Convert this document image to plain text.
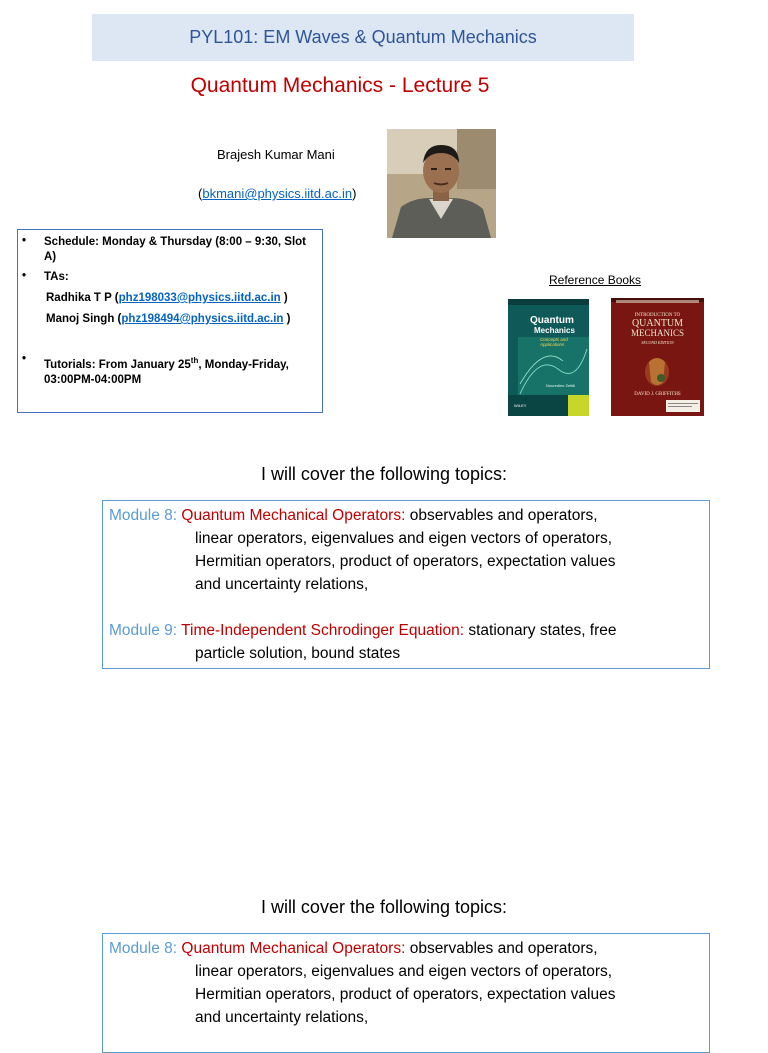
PYL101: EM Waves & Quantum Mechanics
Quantum Mechanics - Lecture 5
Brajesh Kumar Mani
(bkmani@physics.iitd.ac.in)
• Schedule: Monday & Thursday (8:00 – 9:30, Slot A)
• TAs:
Radhika T P (phz198033@physics.iitd.ac.in )
Manoj Singh (phz198494@physics.iitd.ac.in )
• Tutorials: From January 25th, Monday-Friday,
03:00PM-04:00PM
Reference Books
Quantum
Mechanics
Concepts and
Applications
Nouredine Zettili
WILEY
INTRODUCTION TO
QUANTUM
MECHANICS
SECOND EDITION
DAVID J. GRIFFITHS
I will cover the following topics:
Module 8: Quantum Mechanical Operators: observables and operators,
linear operators, eigenvalues and eigen vectors of operators,
Hermitian operators, product of operators, expectation values
and uncertainty relations,
Module 9: Time-Independent Schrodinger Equation: stationary states, free
particle solution, bound states
I will cover the following topics:
Module 8: Quantum Mechanical Operators: observables and operators,
linear operators, eigenvalues and eigen vectors of operators,
Hermitian operators, product of operators, expectation values
and uncertainty relations,
